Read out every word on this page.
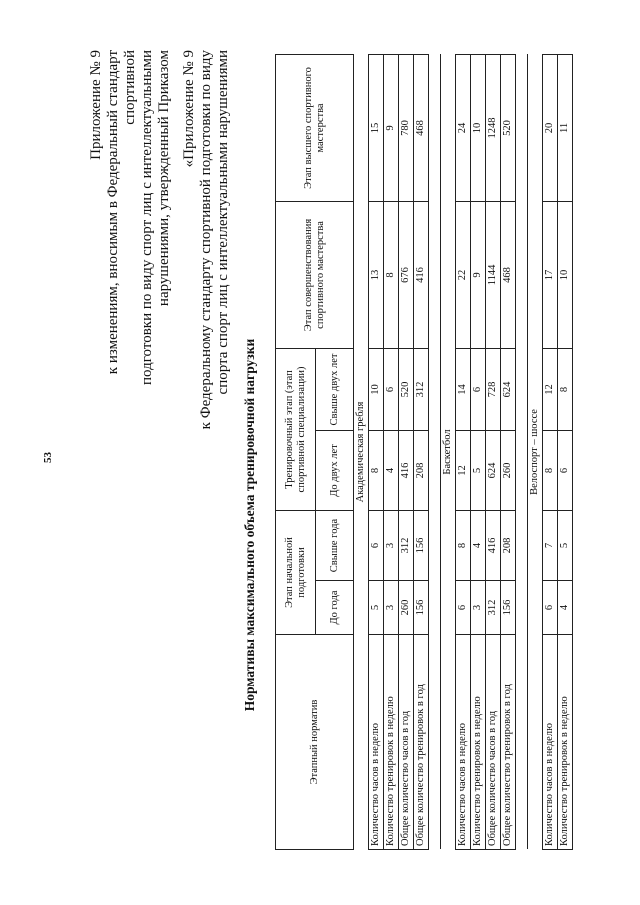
53
Приложение № 9 к изменениям, вносимым в Федеральный стандарт спортивной подготовки по виду спорт лиц с интеллектуальными нарушениями, утвержденный Приказом «Приложение № 9 к Федеральному стандарту спортивной подготовки по виду спорта спорт лиц с интеллектуальными нарушениями
Нормативы максимального объема тренировочной нагрузки
Этапный норматив	Этап начальной подготовки		Тренировочный этап (этап спортивной специализации)		Этап совершенствования спортивного мастерства	Этап высшего спортивного мастерства
	До года	Свыше года	До двух лет	Свыше двух лет		
Академическая гребля						
Количество часов в неделю	5	6	8	10	13	15
Количество тренировок в неделю	3	3	4	6	8	9
Общее количество часов в год	260	312	416	520	676	780
Общее количество тренировок в год	156	156	208	312	416	468

Баскетбол						
Количество часов в неделю	6	8	12	14	22	24
Количество тренировок в неделю	3	4	5	6	9	10
Общее количество часов в год	312	416	624	728	1144	1248
Общее количество тренировок в год	156	208	260	624	468	520

Велоспорт – шоссе						
Количество часов в неделю	6	7	8	12	17	20
Количество тренировок в неделю	4	5	6	8	10	11
